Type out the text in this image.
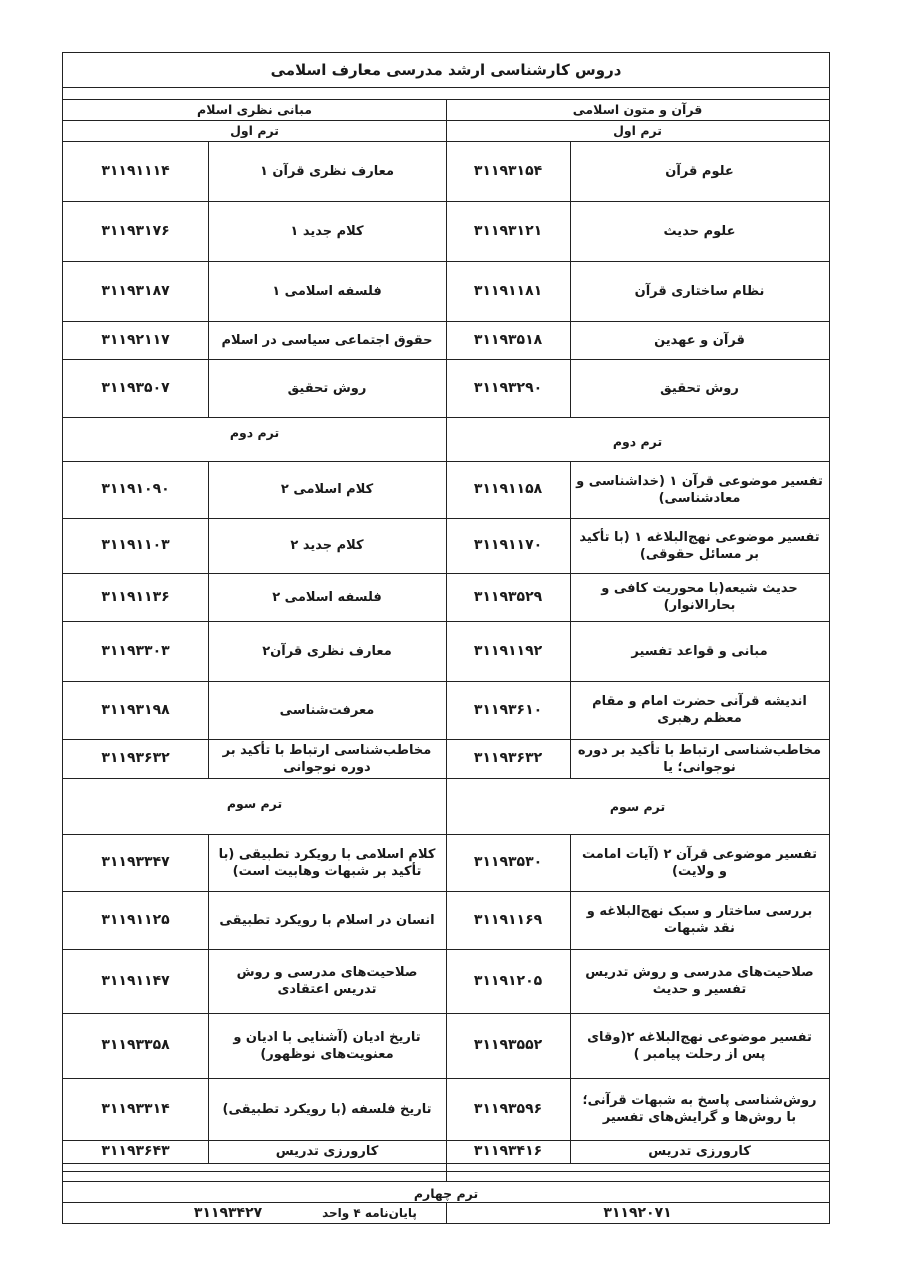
دروس کارشناسی ارشد مدرسی معارف اسلامی
قرآن و متون اسلامی
مبانی نظری اسلام
ترم اول
ترم اول
علوم قرآن
۳۱۱۹۳۱۵۴
معارف نظری قرآن ۱
۳۱۱۹۱۱۱۴
علوم حدیث
۳۱۱۹۳۱۲۱
کلام جدید ۱
۳۱۱۹۳۱۷۶
نظام ساختاری قرآن
۳۱۱۹۱۱۸۱
فلسفه اسلامی ۱
۳۱۱۹۳۱۸۷
قرآن و عهدین
۳۱۱۹۳۵۱۸
حقوق اجتماعی سیاسی در اسلام
۳۱۱۹۲۱۱۷
روش تحقیق
۳۱۱۹۳۲۹۰
روش تحقیق
۳۱۱۹۳۵۰۷
تفسیر موضوعی قرآن ۱ (خداشناسی و معادشناسی)
۳۱۱۹۱۱۵۸
کلام اسلامی ۲
۳۱۱۹۱۰۹۰
تفسیر موضوعی نهج‌البلاغه ۱ (با تأکید بر مسائل حقوقی)
۳۱۱۹۱۱۷۰
کلام جدید ۲
۳۱۱۹۱۱۰۳
حدیث شیعه(با محوریت کافی و بحارالانوار)
۳۱۱۹۳۵۲۹
فلسفه اسلامی ۲
۳۱۱۹۱۱۳۶
مبانی و قواعد تفسیر
۳۱۱۹۱۱۹۲
معارف نظری قرآن۲
۳۱۱۹۳۳۰۳
اندیشه قرآنی حضرت امام و مقام معظم رهبری
۳۱۱۹۳۶۱۰
معرفت‌شناسی
۳۱۱۹۳۱۹۸
مخاطب‌شناسی ارتباط با تأکید بر دوره نوجوانی؛ یا
۳۱۱۹۳۶۳۲
مخاطب‌شناسی ارتباط با تأکید بر دوره نوجوانی
۳۱۱۹۳۶۳۲
تفسیر موضوعی قرآن ۲ (آیات امامت و ولایت)
۳۱۱۹۳۵۳۰
کلام اسلامی با رویکرد تطبیقی (با تأکید بر شبهات وهابیت است)
۳۱۱۹۳۳۴۷
بررسی ساختار و سبک نهج‌البلاغه و نقد شبهات
۳۱۱۹۱۱۶۹
انسان در اسلام با رویکرد تطبیقی
۳۱۱۹۱۱۲۵
صلاحیت‌های مدرسی و روش تدریس تفسیر و حدیث
۳۱۱۹۱۲۰۵
صلاحیت‌های مدرسی و روش تدریس اعتقادی
۳۱۱۹۱۱۴۷
تفسیر موضوعی نهج‌البلاغه ۲(وقای پس از رحلت پیامبر )
۳۱۱۹۳۵۵۲
تاریخ ادیان (آشنایی با ادیان و معنویت‌های نوظهور)
۳۱۱۹۳۳۵۸
روش‌شناسی پاسخ به شبهات قرآنی؛ با روش‌ها و گرایش‌های تفسیر
۳۱۱۹۳۵۹۶
تاریخ فلسفه (با رویکرد تطبیقی)
۳۱۱۹۳۳۱۴
کارورزی تدریس
۳۱۱۹۳۴۱۶
کارورزی تدریس
۳۱۱۹۳۶۴۳
ترم دوم
ترم دوم
ترم سوم
ترم سوم
ترم چهارم
۳۱۱۹۲۰۷۱
پایان‌نامه ۴ واحد
۳۱۱۹۳۴۲۷
